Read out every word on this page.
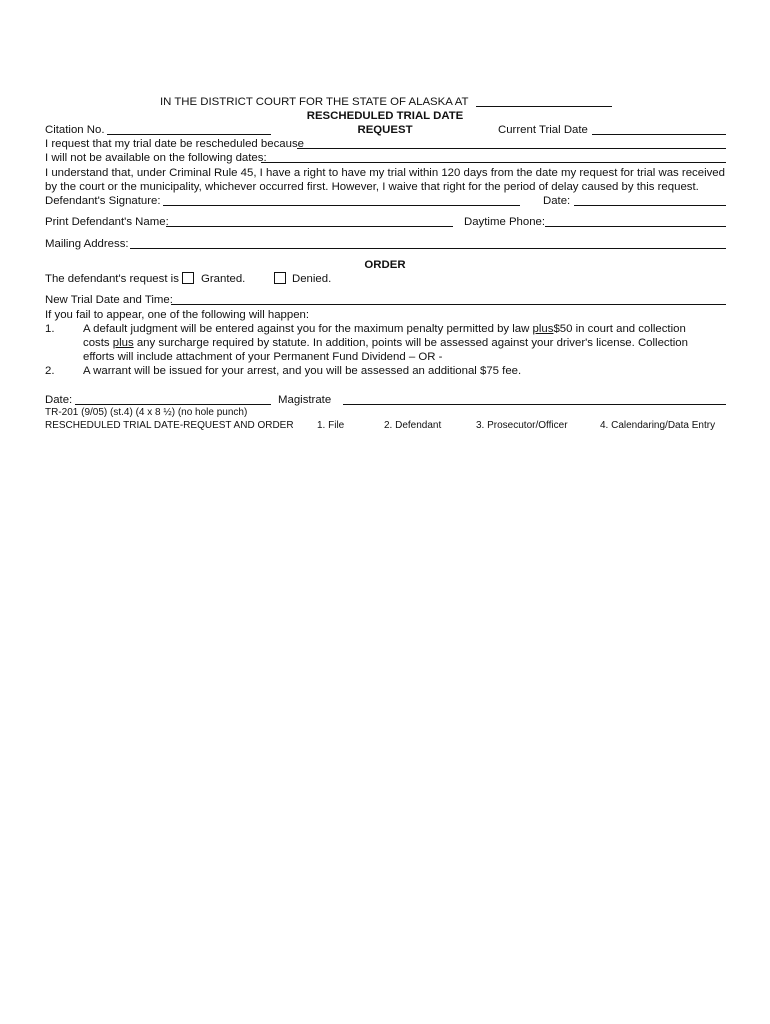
IN THE DISTRICT COURT FOR THE STATE OF ALASKA AT
RESCHEDULED TRIAL DATE
Citation No.	REQUEST	Current Trial Date
I request that my trial date be rescheduled because
I will not be available on the following dates:
I understand that, under Criminal Rule 45, I have a right to have my trial within 120 days from the date my request for trial was received
by the court or the municipality, whichever occurred first. However, I waive that right for the period of delay caused by this request.
Defendant's Signature:	Date:
Print Defendant's Name:	Daytime Phone:
Mailing Address:
ORDER
The defendant's request is Granted.	Denied.
New Trial Date and Time:
If you fail to appear, one of the following will happen:
1.	A default judgment will be entered against you for the maximum penalty permitted by law plus$50 in court and collection
costs plus any surcharge required by statute. In addition, points will be assessed against your driver's license. Collection
efforts will include attachment of your Permanent Fund Dividend – OR -
2.	A warrant will be issued for your arrest, and you will be assessed an additional $75 fee.
Date:	Magistrate
TR-201 (9/05) (st.4) (4 x 8 ½) (no hole punch)
RESCHEDULED TRIAL DATE-REQUEST AND ORDER 1. File	2. Defendant	3. Prosecutor/Officer	4. Calendaring/Data Entry
